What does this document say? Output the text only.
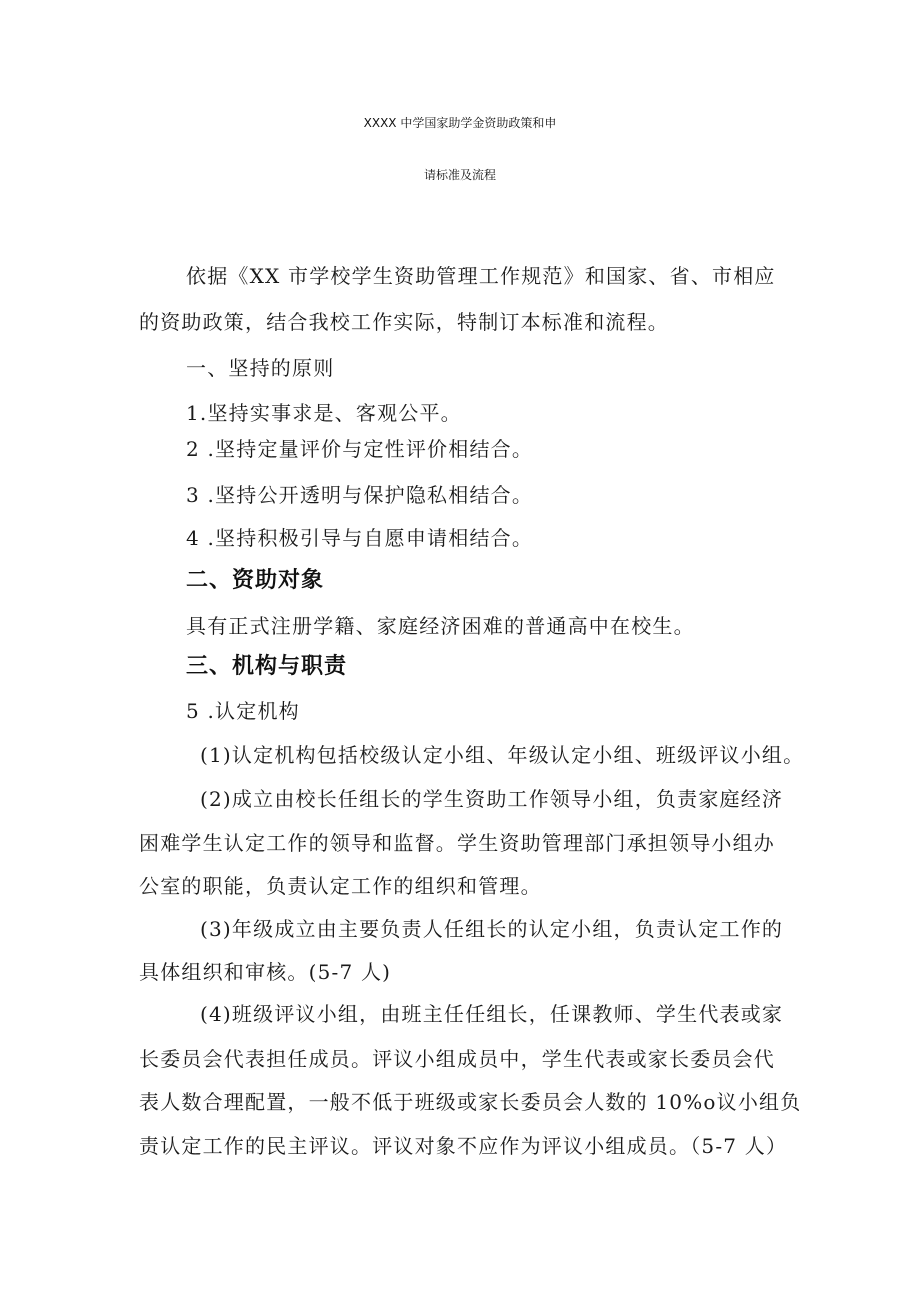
XXXX 中学国家助学金资助政策和申
请标准及流程
依据《XX 市学校学生资助管理工作规范》和国家、省、市相应
的资助政策，结合我校工作实际，特制订本标准和流程。
一、坚持的原则
1.坚持实事求是、客观公平。
2 .坚持定量评价与定性评价相结合。
3 .坚持公开透明与保护隐私相结合。
4 .坚持积极引导与自愿申请相结合。
二、资助对象
具有正式注册学籍、家庭经济困难的普通高中在校生。
三、机构与职责
5 .认定机构
(1)认定机构包括校级认定小组、年级认定小组、班级评议小组。
(2)成立由校长任组长的学生资助工作领导小组，负责家庭经济
困难学生认定工作的领导和监督。学生资助管理部门承担领导小组办
公室的职能，负责认定工作的组织和管理。
(3)年级成立由主要负责人任组长的认定小组，负责认定工作的
具体组织和审核。(5-7 人)
(4)班级评议小组，由班主任任组长，任课教师、学生代表或家
长委员会代表担任成员。评议小组成员中，学生代表或家长委员会代
表人数合理配置，一般不低于班级或家长委员会人数的 10%o议小组负
责认定工作的民主评议。评议对象不应作为评议小组成员。（5-7 人）
